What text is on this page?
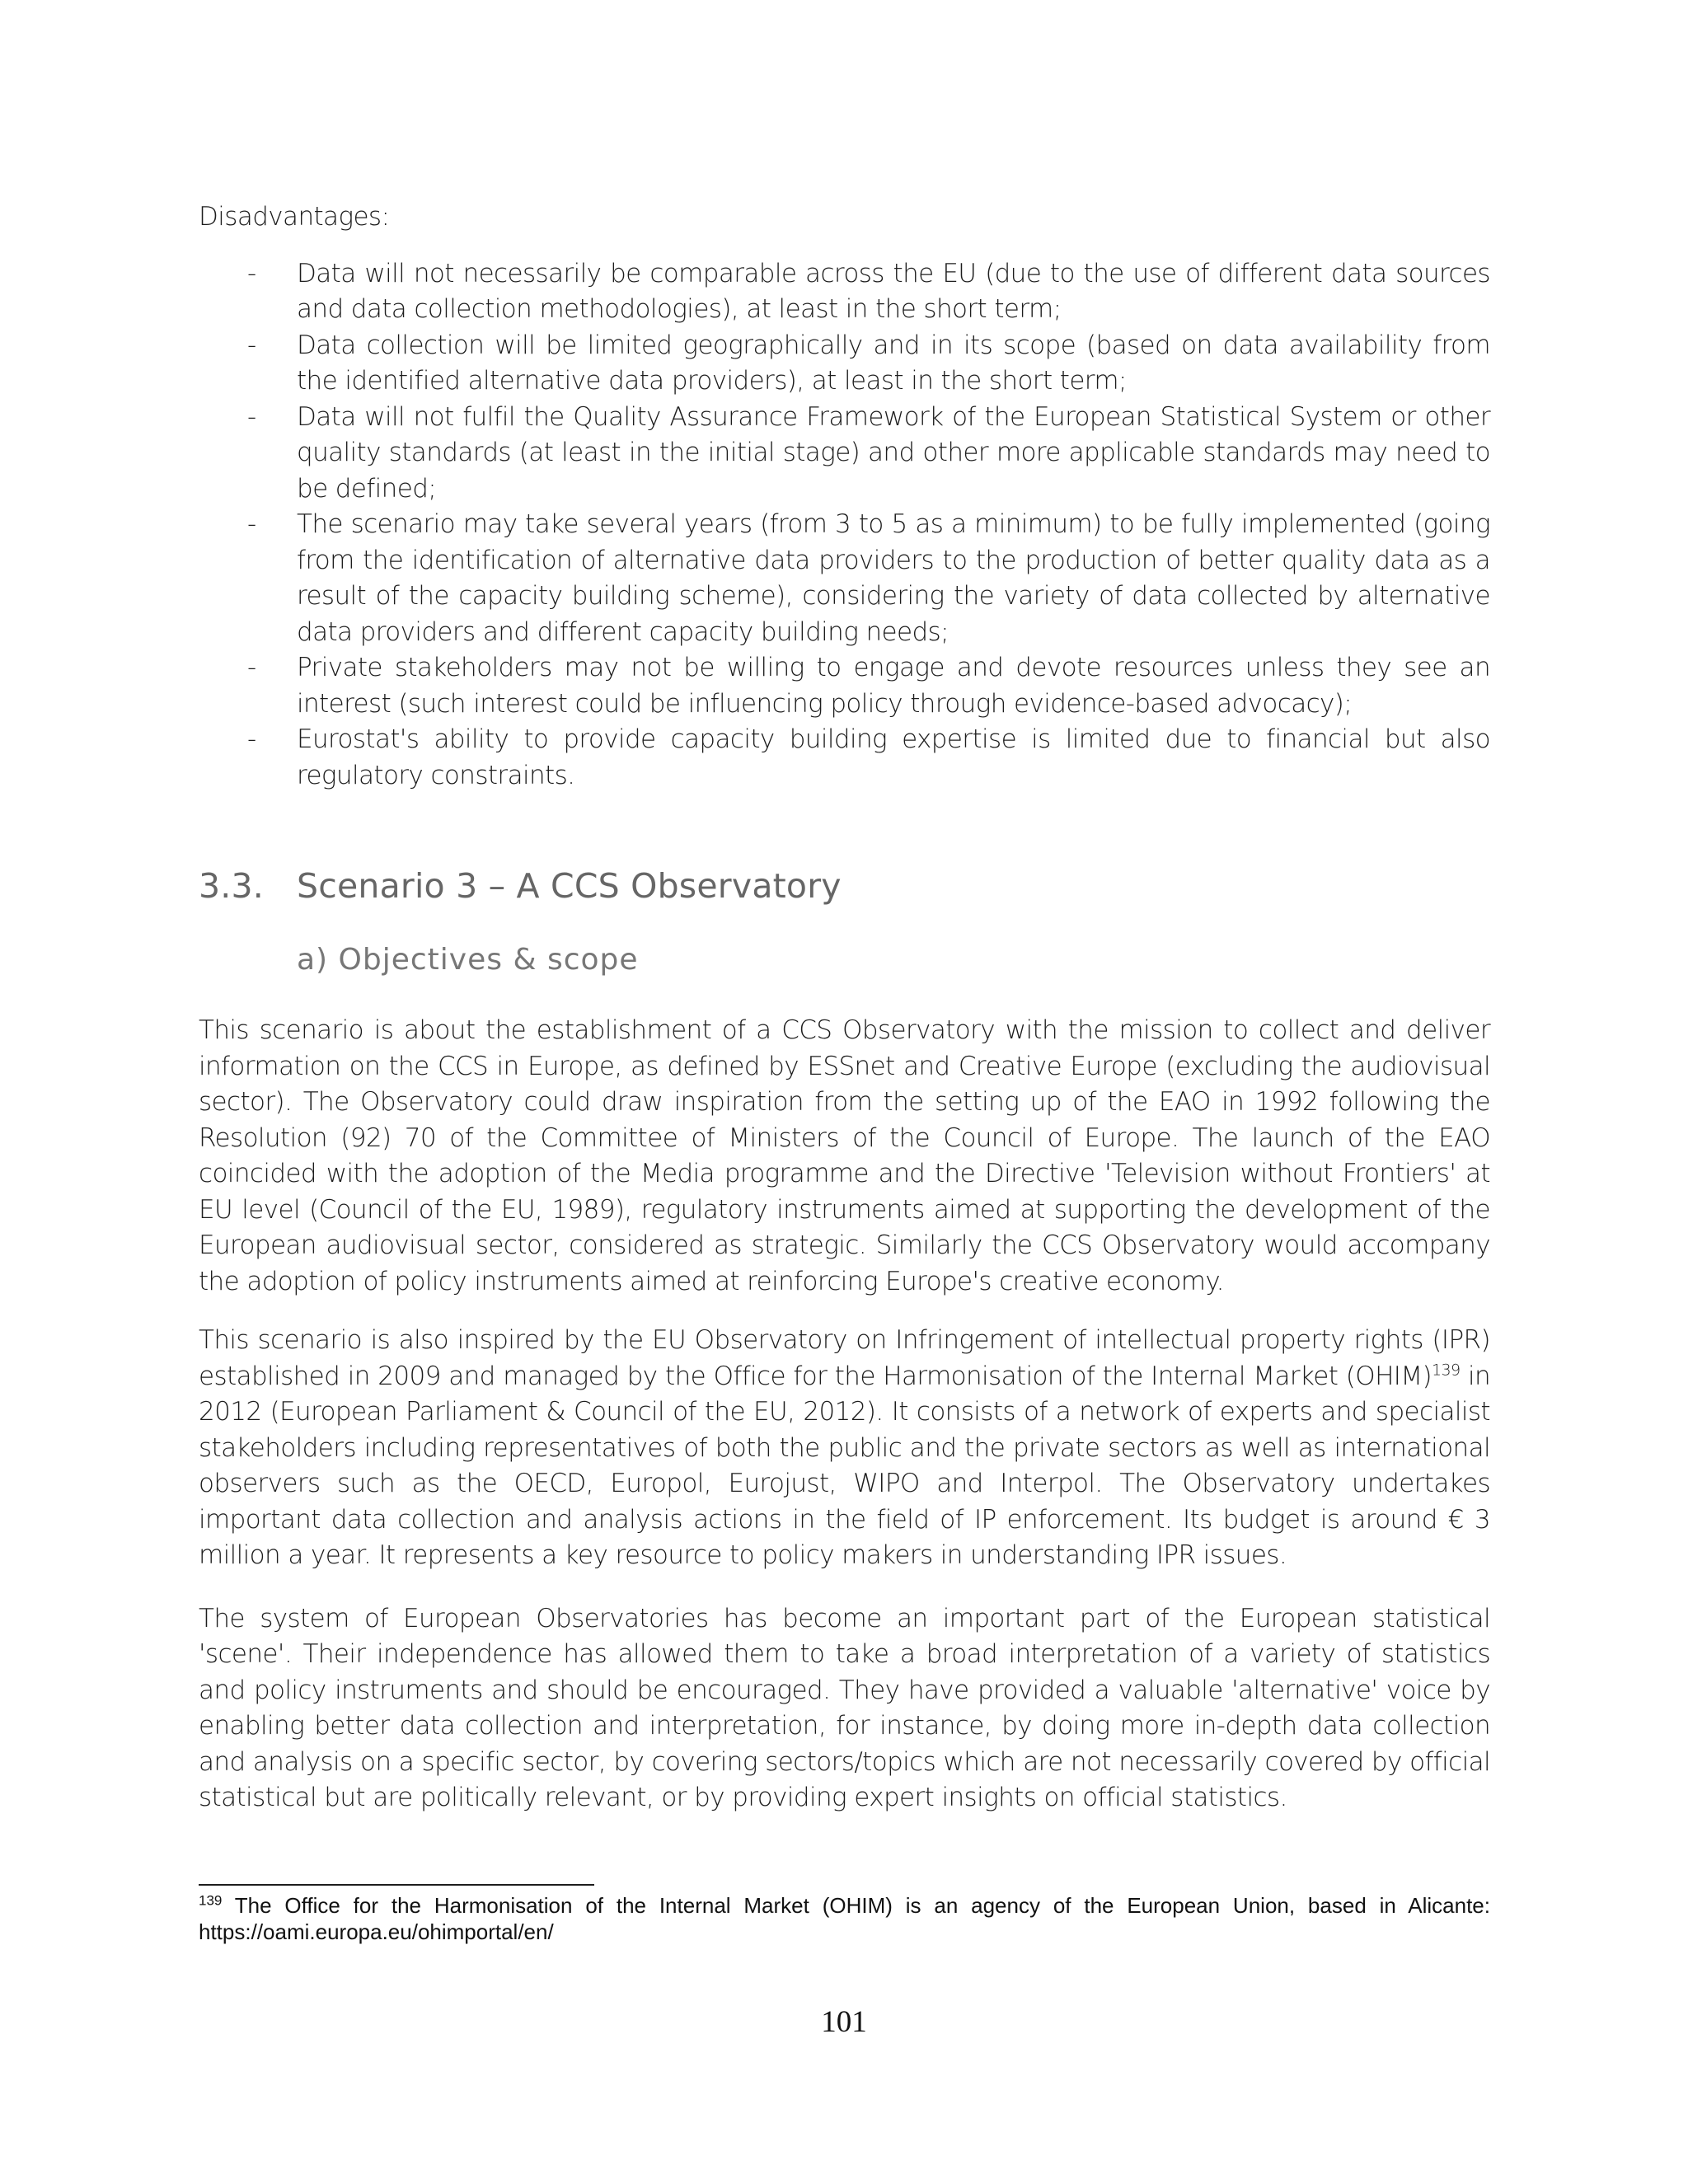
Disadvantages:

- Data will not necessarily be comparable across the EU (due to the use of different data sources and data collection methodologies), at least in the short term;
- Data collection will be limited geographically and in its scope (based on data availability from the identified alternative data providers), at least in the short term;
- Data will not fulfil the Quality Assurance Framework of the European Statistical System or other quality standards (at least in the initial stage) and other more applicable standards may need to be defined;
- The scenario may take several years (from 3 to 5 as a minimum) to be fully implemented (going from the identification of alternative data providers to the production of better quality data as a result of the capacity building scheme), considering the variety of data collected by alternative data providers and different capacity building needs;
- Private stakeholders may not be willing to engage and devote resources unless they see an interest (such interest could be influencing policy through evidence-based advocacy);
- Eurostat's ability to provide capacity building expertise is limited due to financial but also regulatory constraints.
3.3. Scenario 3 – A CCS Observatory
a) Objectives & scope

This scenario is about the establishment of a CCS Observatory with the mission to collect and deliver information on the CCS in Europe, as defined by ESSnet and Creative Europe (excluding the audiovisual sector). The Observatory could draw inspiration from the setting up of the EAO in 1992 following the Resolution (92) 70 of the Committee of Ministers of the Council of Europe. The launch of the EAO coincided with the adoption of the Media programme and the Directive 'Television without Frontiers' at EU level (Council of the EU, 1989), regulatory instruments aimed at supporting the development of the European audiovisual sector, considered as strategic. Similarly the CCS Observatory would accompany the adoption of policy instruments aimed at reinforcing Europe's creative economy.

This scenario is also inspired by the EU Observatory on Infringement of intellectual property rights (IPR) established in 2009 and managed by the Office for the Harmonisation of the Internal Market (OHIM)$^{139}$ in 2012 (European Parliament & Council of the EU, 2012). It consists of a network of experts and specialist stakeholders including representatives of both the public and the private sectors as well as international observers such as the OECD, Europol, Eurojust, WIPO and Interpol. The Observatory undertakes important data collection and analysis actions in the field of IP enforcement. Its budget is around € 3 million a year. It represents a key resource to policy makers in understanding IPR issues.

The system of European Observatories has become an important part of the European statistical 'scene'. Their independence has allowed them to take a broad interpretation of a variety of statistics and policy instruments and should be encouraged. They have provided a valuable 'alternative' voice by enabling better data collection and interpretation, for instance, by doing more in-depth data collection and analysis on a specific sector, by covering sectors/topics which are not necessarily covered by official statistical but are politically relevant, or by providing expert insights on official statistics.

$^{139}$ The Office for the Harmonisation of the Internal Market (OHIM) is an agency of the European Union, based in Alicante: https://oami.europa.eu/ohimportal/en/
101
